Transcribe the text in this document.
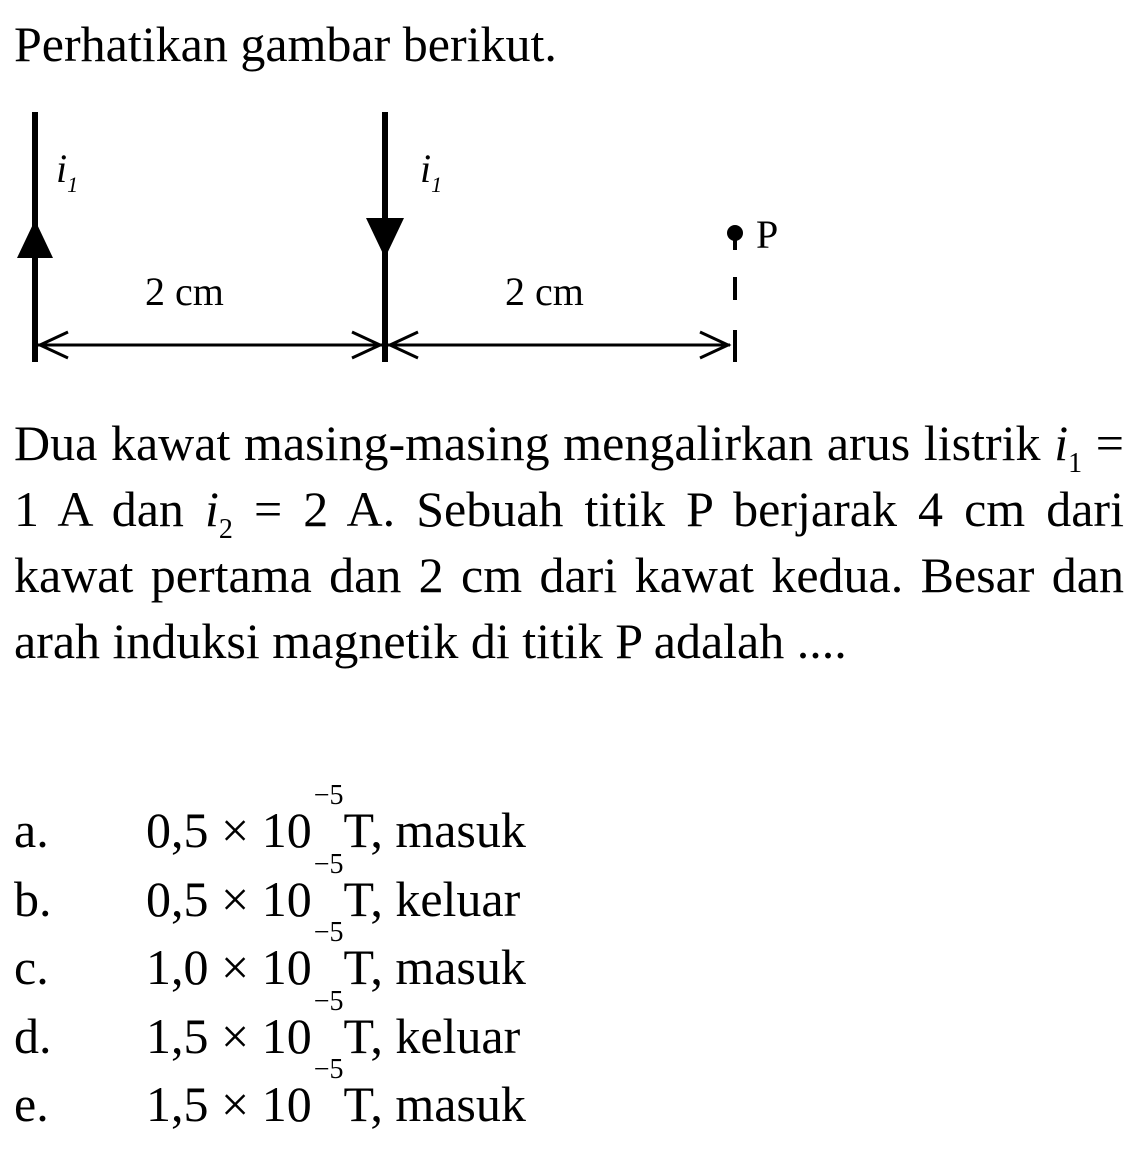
Perhatikan gambar berikut.
$i_1$	$i_1$
P
2 cm	2 cm
Dua kawat masing-masing mengalirkan arus listrik $i_1 = 1$ A dan $i_2 = 2$ A. Sebuah titik P berjarak 4 cm dari kawat pertama dan 2 cm dari kawat kedua. Besar dan arah induksi magnetik di titik P adalah ....
a.	0,5 × 10
−5
T, masuk
b.	0,5 × 10
−5
T, keluar
c.	1,0 × 10
−5
T, masuk
d.	1,5 × 10
−5
T, keluar
e.	1,5 × 10
−5
T, masuk
